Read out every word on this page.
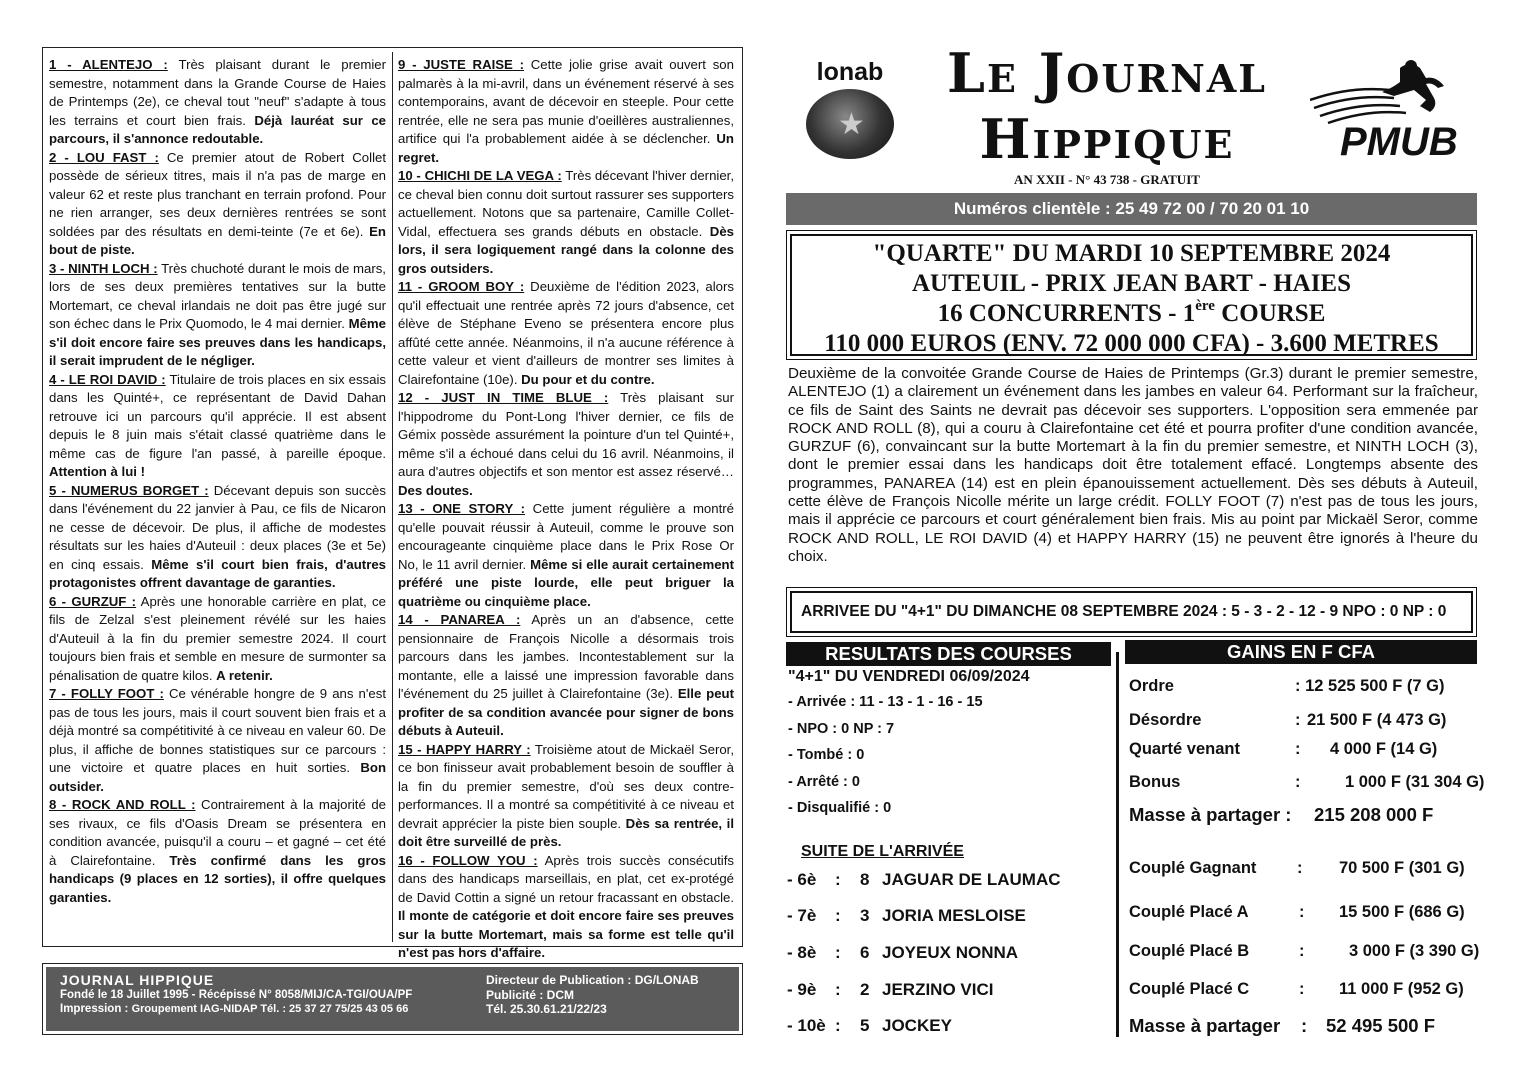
1 - ALENTEJO : Très plaisant durant le premier semestre, notamment dans la Grande Course de Haies de Printemps (2e), ce cheval tout "neuf" s'adapte à tous les terrains et court bien frais. Déjà lauréat sur ce parcours, il s'annonce redoutable.

2 - LOU FAST : Ce premier atout de Robert Collet possède de sérieux titres, mais il n'a pas de marge en valeur 62 et reste plus tranchant en terrain profond. Pour ne rien arranger, ses deux dernières rentrées se sont soldées par des résultats en demi-teinte (7e et 6e). En bout de piste.

3 - NINTH LOCH : Très chuchoté durant le mois de mars, lors de ses deux premières tentatives sur la butte Mortemart, ce cheval irlandais ne doit pas être jugé sur son échec dans le Prix Quomodo, le 4 mai dernier. Même s'il doit encore faire ses preuves dans les handicaps, il serait imprudent de le négliger.

4 - LE ROI DAVID : Titulaire de trois places en six essais dans les Quinté+, ce représentant de David Dahan retrouve ici un parcours qu'il apprécie. Il est absent depuis le 8 juin mais s'était classé quatrième dans le même cas de figure l'an passé, à pareille époque. Attention à lui !

5 - NUMERUS BORGET : Décevant depuis son succès dans l'événement du 22 janvier à Pau, ce fils de Nicaron ne cesse de décevoir. De plus, il affiche de modestes résultats sur les haies d'Auteuil : deux places (3e et 5e) en cinq essais. Même s'il court bien frais, d'autres protagonistes offrent davantage de garanties.

6 - GURZUF : Après une honorable carrière en plat, ce fils de Zelzal s'est pleinement révélé sur les haies d'Auteuil à la fin du premier semestre 2024. Il court toujours bien frais et semble en mesure de surmonter sa pénalisation de quatre kilos. A retenir.

7 - FOLLY FOOT : Ce vénérable hongre de 9 ans n'est pas de tous les jours, mais il court souvent bien frais et a déjà montré sa compétitivité à ce niveau en valeur 60. De plus, il affiche de bonnes statistiques sur ce parcours : une victoire et quatre places en huit sorties. Bon outsider.

8 - ROCK AND ROLL : Contrairement à la majorité de ses rivaux, ce fils d'Oasis Dream se présentera en condition avancée, puisqu'il a couru – et gagné – cet été à Clairefontaine. Très confirmé dans les gros handicaps (9 places en 12 sorties), il offre quelques garanties.

9 - JUSTE RAISE : Cette jolie grise avait ouvert son palmarès à la mi-avril, dans un événement réservé à ses contemporains, avant de décevoir en steeple. Pour cette rentrée, elle ne sera pas munie d'oeillères australiennes, artifice qui l'a probablement aidée à se déclencher. Un regret.

10 - CHICHI DE LA VEGA : Très décevant l'hiver dernier, ce cheval bien connu doit surtout rassurer ses supporters actuellement. Notons que sa partenaire, Camille Collet-Vidal, effectuera ses grands débuts en obstacle. Dès lors, il sera logiquement rangé dans la colonne des gros outsiders.

11 - GROOM BOY : Deuxième de l'édition 2023, alors qu'il effectuait une rentrée après 72 jours d'absence, cet élève de Stéphane Eveno se présentera encore plus affûté cette année. Néanmoins, il n'a aucune référence à cette valeur et vient d'ailleurs de montrer ses limites à Clairefontaine (10e). Du pour et du contre.

12 - JUST IN TIME BLUE : Très plaisant sur l'hippodrome du Pont-Long l'hiver dernier, ce fils de Gémix possède assurément la pointure d'un tel Quinté+, même s'il a échoué dans celui du 16 avril. Néanmoins, il aura d'autres objectifs et son mentor est assez réservé… Des doutes.

13 - ONE STORY : Cette jument régulière a montré qu'elle pouvait réussir à Auteuil, comme le prouve son encourageante cinquième place dans le Prix Rose Or No, le 11 avril dernier. Même si elle aurait certainement préféré une piste lourde, elle peut briguer la quatrième ou cinquième place.

14 - PANAREA : Après un an d'absence, cette pensionnaire de François Nicolle a désormais trois parcours dans les jambes. Incontestablement sur la montante, elle a laissé une impression favorable dans l'événement du 25 juillet à Clairefontaine (3e). Elle peut profiter de sa condition avancée pour signer de bons débuts à Auteuil.

15 - HAPPY HARRY : Troisième atout de Mickaël Seror, ce bon finisseur avait probablement besoin de souffler à la fin du premier semestre, d'où ses deux contre-performances. Il a montré sa compétitivité à ce niveau et devrait apprécier la piste bien souple. Dès sa rentrée, il doit être surveillé de près.

16 - FOLLOW YOU : Après trois succès consécutifs dans des handicaps marseillais, en plat, cet ex-protégé de David Cottin a signé un retour fracassant en obstacle. Il monte de catégorie et doit encore faire ses preuves sur la butte Mortemart, mais sa forme est telle qu'il n'est pas hors d'affaire.

JOURNAL HIPPIQUE
Fondé le 18 Juillet 1995 - Récépissé N° 8058/MIJ/CA-TGI/OUA/PF
Impression : Groupement IAG-NIDAP Tél. : 25 37 27 75/25 43 05 66
Directeur de Publication : DG/LONAB
Publicité : DCM
Tél. 25.30.61.21/22/23
lonab
★
Le Journal
Hippique
AN XXII - N° 43 738 - GRATUIT
PMUB
Numéros clientèle : 25 49 72 00 / 70 20 01 10
"QUARTE" DU MARDI 10 SEPTEMBRE 2024
AUTEUIL - PRIX JEAN BART - HAIES
16 CONCURRENTS - 1ère COURSE
110 000 EUROS (ENV. 72 000 000 CFA) - 3.600 METRES
Deuxième de la convoitée Grande Course de Haies de Printemps (Gr.3) durant le premier semestre, ALENTEJO (1) a clairement un événement dans les jambes en valeur 64. Performant sur la fraîcheur, ce fils de Saint des Saints ne devrait pas décevoir ses supporters. L'opposition sera emmenée par ROCK AND ROLL (8), qui a couru à Clairefontaine cet été et pourra profiter d'une condition avancée, GURZUF (6), convaincant sur la butte Mortemart à la fin du premier semestre, et NINTH LOCH (3), dont le premier essai dans les handicaps doit être totalement effacé. Longtemps absente des programmes, PANAREA (14) est en plein épanouissement actuellement. Dès ses débuts à Auteuil, cette élève de François Nicolle mérite un large crédit. FOLLY FOOT (7) n'est pas de tous les jours, mais il apprécie ce parcours et court généralement bien frais. Mis au point par Mickaël Seror, comme ROCK AND ROLL, LE ROI DAVID (4) et HAPPY HARRY (15) ne peuvent être ignorés à l'heure du choix.
ARRIVEE DU "4+1" DU DIMANCHE 08 SEPTEMBRE 2024 : 5 - 3 - 2 - 12 - 9 NPO : 0 NP : 0
RESULTATS DES COURSES	GAINS EN F CFA
"4+1" DU VENDREDI 06/09/2024
- Arrivée : 11 - 13 - 1 - 16 - 15
- NPO : 0 NP : 7
- Tombé : 0
- Arrêté : 0
- Disqualifié : 0
SUITE DE L'ARRIVÉE
- 6è : 8 JAGUAR DE LAUMAC
- 7è : 3 JORIA MESLOISE
- 8è : 6 JOYEUX NONNA
- 9è : 2 JERZINO VICI
- 10è : 5 JOCKEY
Ordre	: 12 525 500 F (7 G)
Désordre	: 21 500 F (4 473 G)
Quarté venant	: 4 000 F (14 G)
Bonus	:	1 000 F (31 304 G)
Masse à partager : 215 208 000 F
Couplé Gagnant : 70 500 F (301 G)
Couplé Placé A	: 15 500 F (686 G)
Couplé Placé B	:	3 000 F (3 390 G)
Couplé Placé C	: 11 000 F (952 G)
Masse à partager : 52 495 500 F
